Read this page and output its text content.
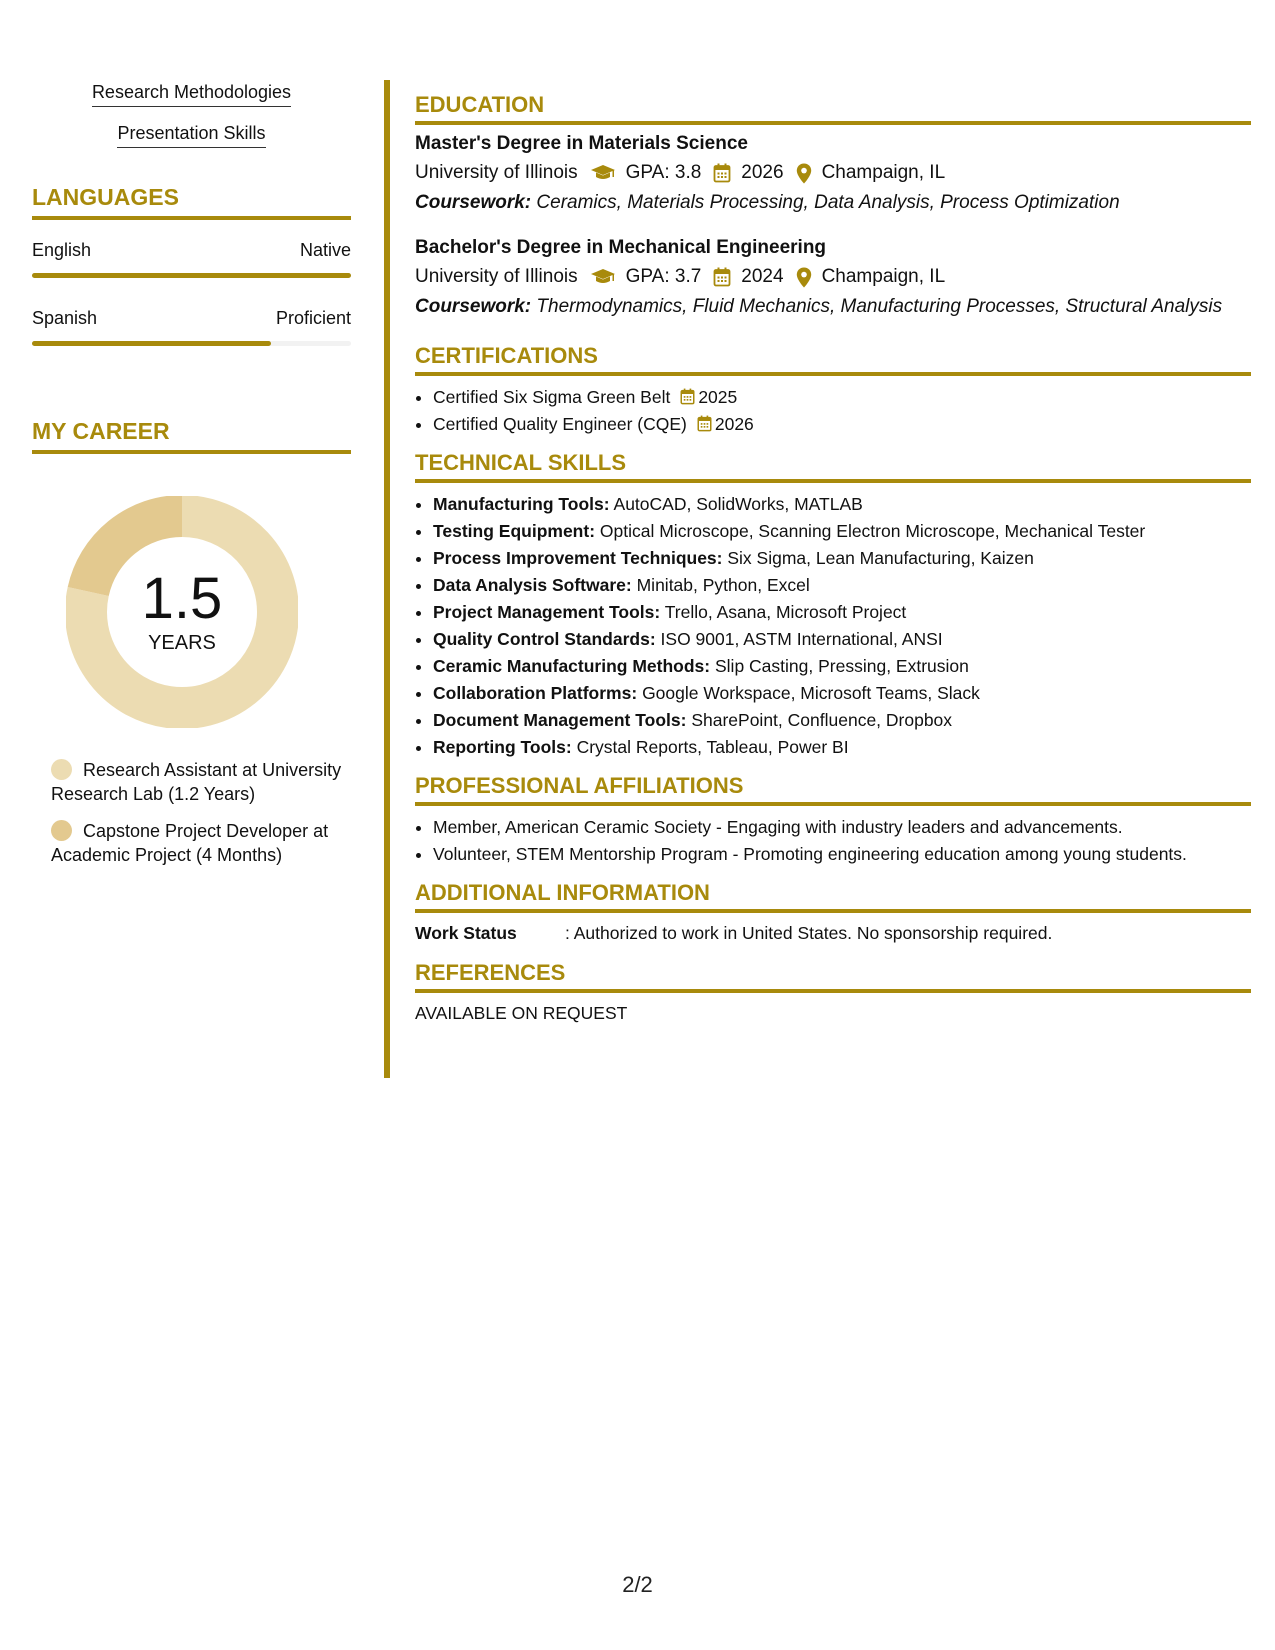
Research Methodologies
Presentation Skills
LANGUAGES
English	Native
Spanish	Proficient
MY CAREER
1.5
YEARS
Research Assistant at University Research Lab (1.2 Years)
Capstone Project Developer at Academic Project (4 Months)
EDUCATION
Master's Degree in Materials Science
University of Illinois	GPA: 3.8 2026 Champaign, IL
Coursework: Ceramics, Materials Processing, Data Analysis, Process Optimization
Bachelor's Degree in Mechanical Engineering
University of Illinois	GPA: 3.7 2024 Champaign, IL
Coursework: Thermodynamics, Fluid Mechanics, Manufacturing Processes, Structural Analysis
CERTIFICATIONS
• Certified Six Sigma Green Belt 2025
• Certified Quality Engineer (CQE) 2026
TECHNICAL SKILLS
• Manufacturing Tools: AutoCAD, SolidWorks, MATLAB
• Testing Equipment: Optical Microscope, Scanning Electron Microscope, Mechanical Tester
• Process Improvement Techniques: Six Sigma, Lean Manufacturing, Kaizen
• Data Analysis Software: Minitab, Python, Excel
• Project Management Tools: Trello, Asana, Microsoft Project
• Quality Control Standards: ISO 9001, ASTM International, ANSI
• Ceramic Manufacturing Methods: Slip Casting, Pressing, Extrusion
• Collaboration Platforms: Google Workspace, Microsoft Teams, Slack
• Document Management Tools: SharePoint, Confluence, Dropbox
• Reporting Tools: Crystal Reports, Tableau, Power BI
PROFESSIONAL AFFILIATIONS
• Member, American Ceramic Society - Engaging with industry leaders and advancements.
• Volunteer, STEM Mentorship Program - Promoting engineering education among young students.
ADDITIONAL INFORMATION
Work Status	: Authorized to work in United States. No sponsorship required.
REFERENCES
AVAILABLE ON REQUEST
2/2
